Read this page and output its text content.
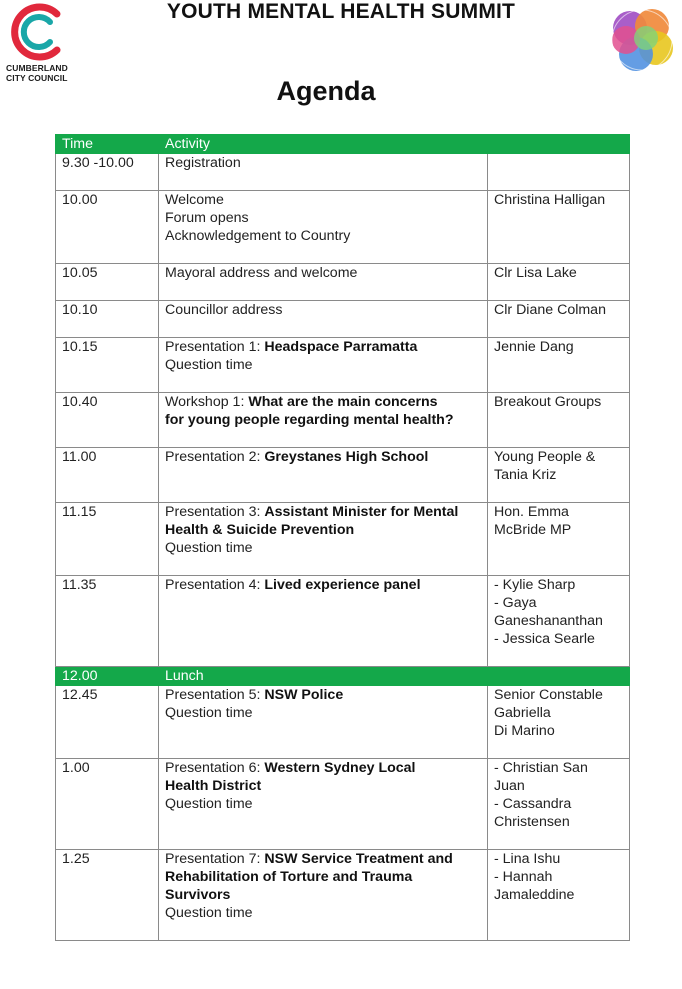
CUMBERLAND
CITY COUNCIL
YOUTH MENTAL HEALTH SUMMIT
Agenda
Time	Activity	
9.30 -10.00	Registration	

10.00	Welcome
Forum opens
Acknowledgement to Country	Christina Halligan

10.05	Mayoral address and welcome	Clr Lisa Lake

10.10	Councillor address	Clr Diane Colman

10.15	Presentation 1: Headspace Parramatta
Question time	Jennie Dang

10.40	Workshop 1: What are the main concerns
for young people regarding mental health?	Breakout Groups

11.00	Presentation 2: Greystanes High School	Young People &
Tania Kriz

11.15	Presentation 3: Assistant Minister for Mental
Health & Suicide Prevention
Question time	Hon. Emma
McBride MP

11.35	Presentation 4: Lived experience panel	- Kylie Sharp
- Gaya
Ganeshananthan
- Jessica Searle

12.00	Lunch	
12.45	Presentation 5: NSW Police
Question time	Senior Constable
Gabriella
Di Marino

1.00	Presentation 6: Western Sydney Local
Health District
Question time	- Christian San
Juan
- Cassandra
Christensen

1.25	Presentation 7: NSW Service Treatment and
Rehabilitation of Torture and Trauma
Survivors
Question time	- Lina Ishu
- Hannah
Jamaleddine
